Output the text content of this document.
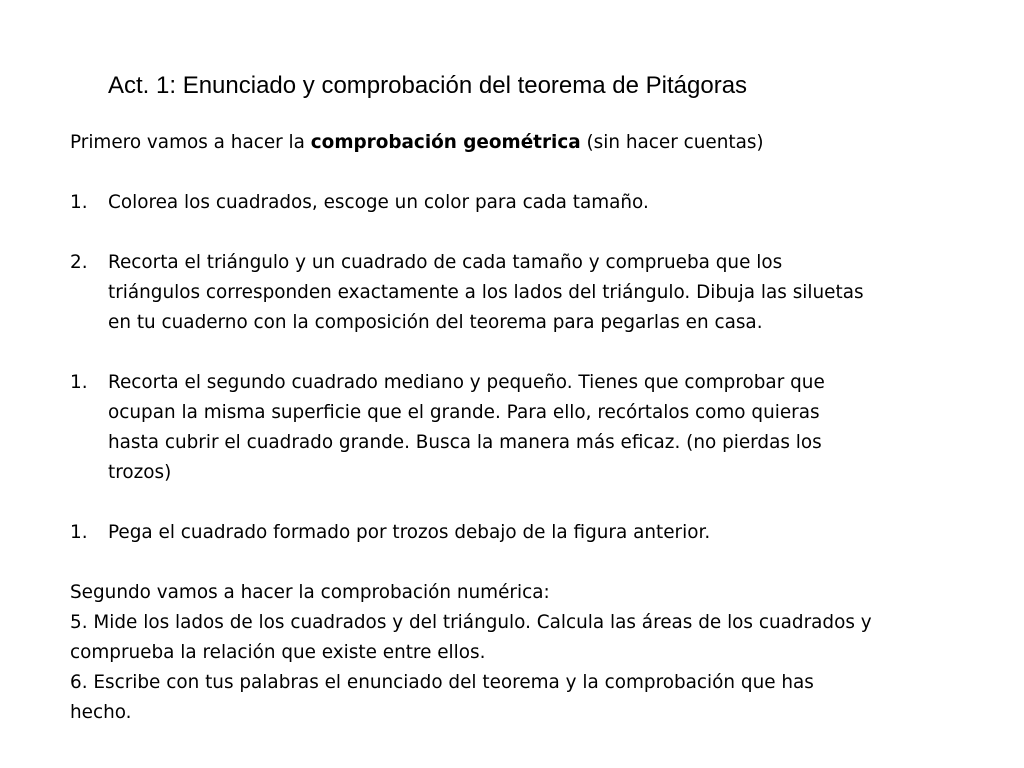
Act. 1: Enunciado y comprobación del teorema de Pitágoras

Primero vamos a hacer la comprobación geométrica (sin hacer cuentas)

1.	Colorea los cuadrados, escoge un color para cada tamaño.

2.	Recorta el triángulo y un cuadrado de cada tamaño y comprueba que los

triángulos corresponden exactamente a los lados del triángulo. Dibuja las siluetas

en tu cuaderno con la composición del teorema para pegarlas en casa.

1.	Recorta el segundo cuadrado mediano y pequeño. Tienes que comprobar que

ocupan la misma superficie que el grande. Para ello, recórtalos como quieras

hasta cubrir el cuadrado grande. Busca la manera más eficaz. (no pierdas los

trozos)

1.	Pega el cuadrado formado por trozos debajo de la figura anterior.

Segundo vamos a hacer la comprobación numérica:

5. Mide los lados de los cuadrados y del triángulo. Calcula las áreas de los cuadrados y

comprueba la relación que existe entre ellos.

6. Escribe con tus palabras el enunciado del teorema y la comprobación que has

hecho.
